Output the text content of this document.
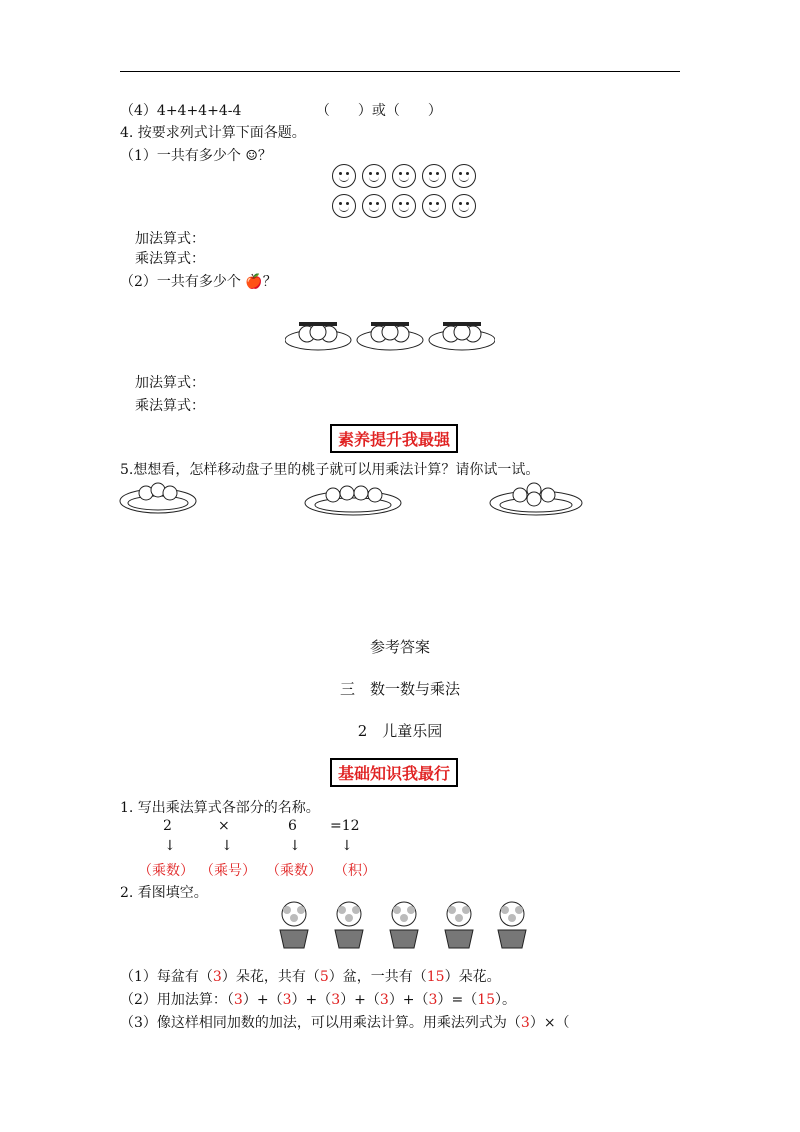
（4）4+4+4+4-4	（　　）或（　　）
4. 按要求列式计算下面各题。
（1）一共有多少个 ☺？
加法算式：
乘法算式：
（2）一共有多少个 🍎？
加法算式：
乘法算式：
素养提升我最强
5.想想看，怎样移动盘子里的桃子就可以用乘法计算？请你试一试。
参考答案
三　数一数与乘法
2　儿童乐园
基础知识我最行
1. 写出乘法算式各部分的名称。
2	×	6 =12
↓	↓	↓	↓
（乘数） （乘号） （乘数） （积）
2. 看图填空。
（1）每盆有（3）朵花，共有（5）盆，一共有（15）朵花。
（2）用加法算：（3）+（3）+（3）+（3）+（3）=（15）。
（3）像这样相同加数的加法，可以用乘法计算。用乘法列式为（3）×（
